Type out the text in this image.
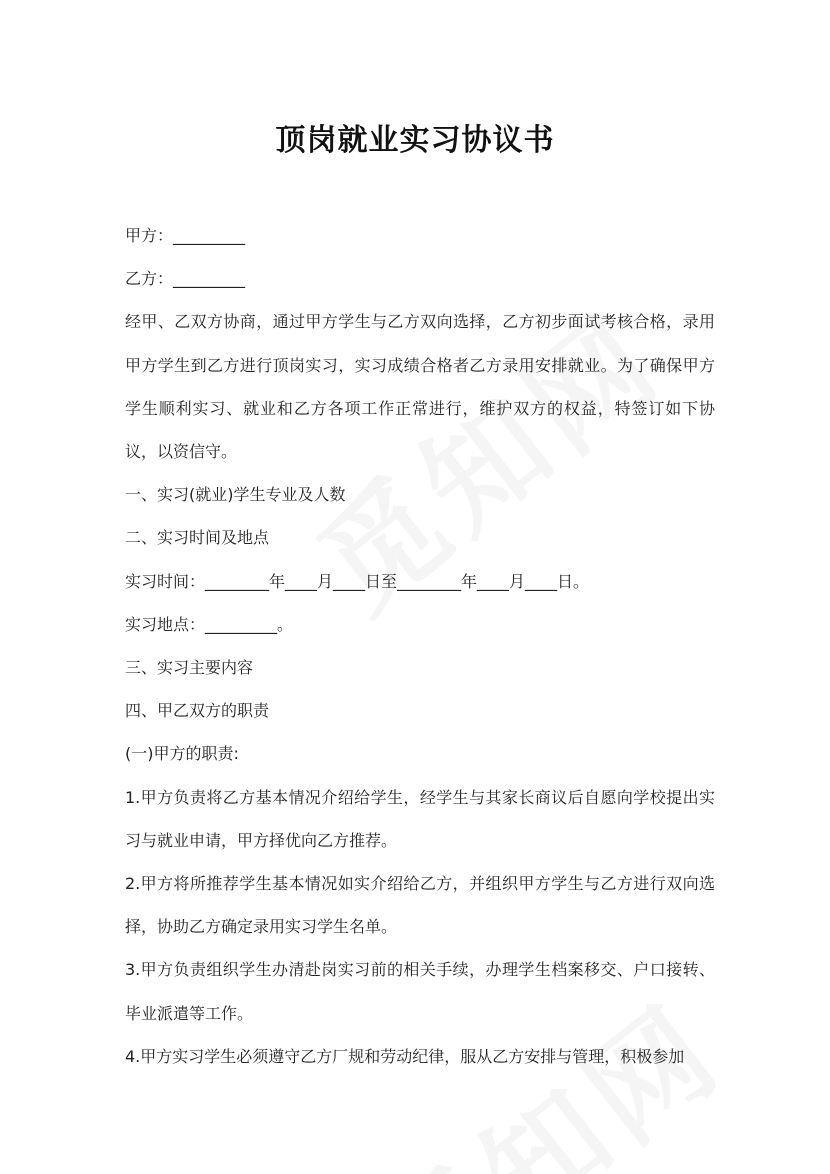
顶岗就业实习协议书

甲方：_________

乙方：_________

经甲、乙双方协商，通过甲方学生与乙方双向选择，乙方初步面试考核合格，录用甲方学生到乙方进行顶岗实习，实习成绩合格者乙方录用安排就业。为了确保甲方学生顺利实习、就业和乙方各项工作正常进行，维护双方的权益，特签订如下协议，以资信守。

一、实习(就业)学生专业及人数

二、实习时间及地点

实习时间：________年____月____日至________年____月____日。

实习地点：_________。

三、实习主要内容

四、甲乙双方的职责

(一)甲方的职责:

1.甲方负责将乙方基本情况介绍给学生，经学生与其家长商议后自愿向学校提出实习与就业申请，甲方择优向乙方推荐。

2.甲方将所推荐学生基本情况如实介绍给乙方，并组织甲方学生与乙方进行双向选择，协助乙方确定录用实习学生名单。

3.甲方负责组织学生办清赴岗实习前的相关手续，办理学生档案移交、户口接转、毕业派遣等工作。

4.甲方实习学生必须遵守乙方厂规和劳动纪律，服从乙方安排与管理，积极参加
